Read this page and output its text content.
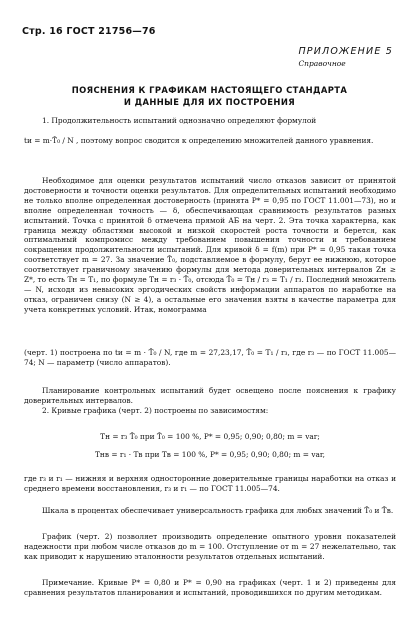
Стр. 16 ГОСТ 21756—76
ПРИЛОЖЕНИЕ 5
Справочное
ПОЯСНЕНИЯ К ГРАФИКАМ НАСТОЯЩЕГО СТАНДАРТА
И ДАННЫЕ ДЛЯ ИХ ПОСТРОЕНИЯ
1. Продолжительность испытаний однозначно определяют формулой
tи = m·T̂₀ / N , поэтому вопрос сводится к определению множителей данного уравнения.
Необходимое для оценки результатов испытаний число отказов зависит от принятой достоверности и точности оценки результатов. Для определительных испытаний необходимо не только вполне определенная достоверность (принята P* = 0,95 по ГОСТ 11.001—73), но и вполне определенная точность — δ, обеспечивающая сравнимость результатов разных испытаний. Точка с принятой δ отмечена прямой АБ на черт. 2. Эта точка характерна, как граница между областями высокой и низкой скоростей роста точности и берется, как оптимальный компромисс между требованием повышения точности и требованием сокращения продолжительности испытаний. Для кривой δ = f(m) при P* = 0,95 такая точка соответствует m = 27. За значение T̂₀, подставляемое в формулу, берут ее нижнюю, которое соответствует граничному значению формулы для метода доверительных интервалов Zн ≥ Z*, то есть Tн = T₁, по формуле Tн = r₃ · T̂₀, отсюда T̂₀ = Tн / r₃ = T₁ / r₃. Последний множитель — N, исходя из невысоких эргодических свойств информации аппаратов по наработке на отказ, ограничен снизу (N ≥ 4), а остальные его значения взяты в качестве параметра для учета конкретных условий. Итак, номограмма
(черт. 1) построена по tи = m · T̂₀ / N, где m = 27,23,17, T̂₀ = T₁ / r₃, где r₃ — по ГОСТ 11.005—74; N — параметр (число аппаратов).
Планирование контрольных испытаний будет освещено после пояснения к графику доверительных интервалов.
2. Кривые графика (черт. 2) построены по зависимостям:
Tн = r₃ T̂₀ при T̂₀ = 100 %, P* = 0,95; 0,90; 0,80; m = var;
Tнв = r₁ · Tв при Tв = 100 %, P* = 0,95; 0,90; 0,80; m = var,
где r₃ и r₁ — нижняя и верхняя односторонние доверительные границы наработки на отказ и среднего времени восстановления, r₃ и r₁ — по ГОСТ 11.005—74.
Шкала в процентах обеспечивает универсальность графика для любых значений T̂₀ и T̂в.
График (черт. 2) позволяет производить определение опытного уровня показателей надежности при любом числе отказов до m = 100. Отступление от m = 27 нежелательно, так как приводит к нарушению эталонности результатов отдельных испытаний.
Примечание. Кривые P* = 0,80 и P* = 0,90 на графиках (черт. 1 и 2) приведены для сравнения результатов планирования и испытаний, проводившихся по другим методикам.
